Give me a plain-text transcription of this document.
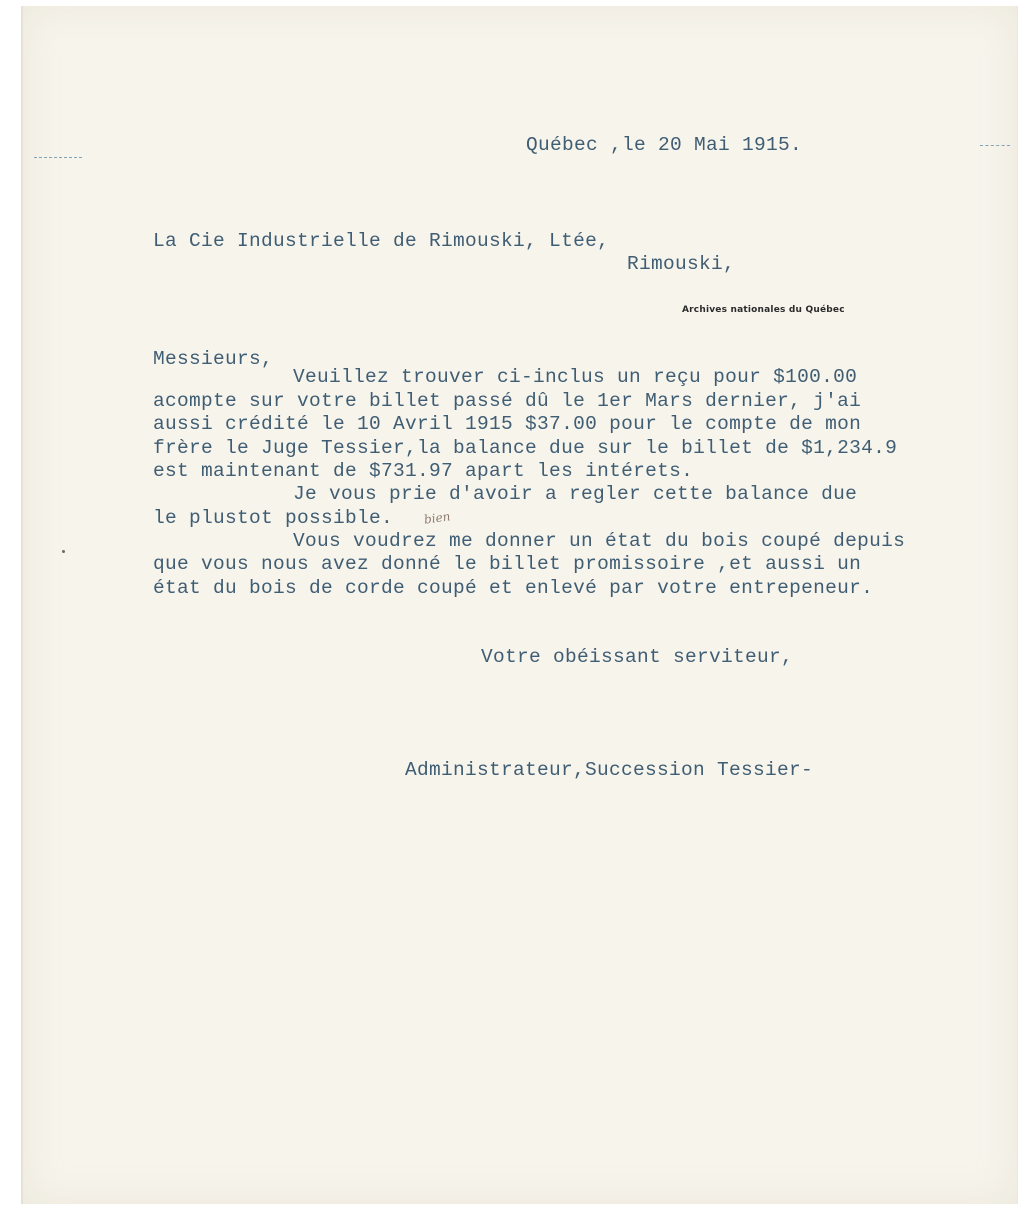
Québec ,le 20 Mai 1915.
La Cie Industrielle de Rimouski, Ltée,
Rimouski,
Archives nationales du Québec
Messieurs,
Veuillez trouver ci-inclus un reçu pour $100.00
acompte sur votre billet passé dû le 1er Mars dernier, j'ai
aussi crédité le 10 Avril 1915 $37.00 pour le compte de mon
frère le Juge Tessier,la balance due sur le billet de $1,234.9
est maintenant de $731.97 apart les intérets.
Je vous prie d'avoir a regler cette balance due
le plustot possible.	bien
Vous voudrez me donner un état du bois coupé depuis
que vous nous avez donné le billet promissoire ,et aussi un
état du bois de corde coupé et enlevé par votre entrepeneur.
Votre obéissant serviteur,
Administrateur,Succession Tessier-
